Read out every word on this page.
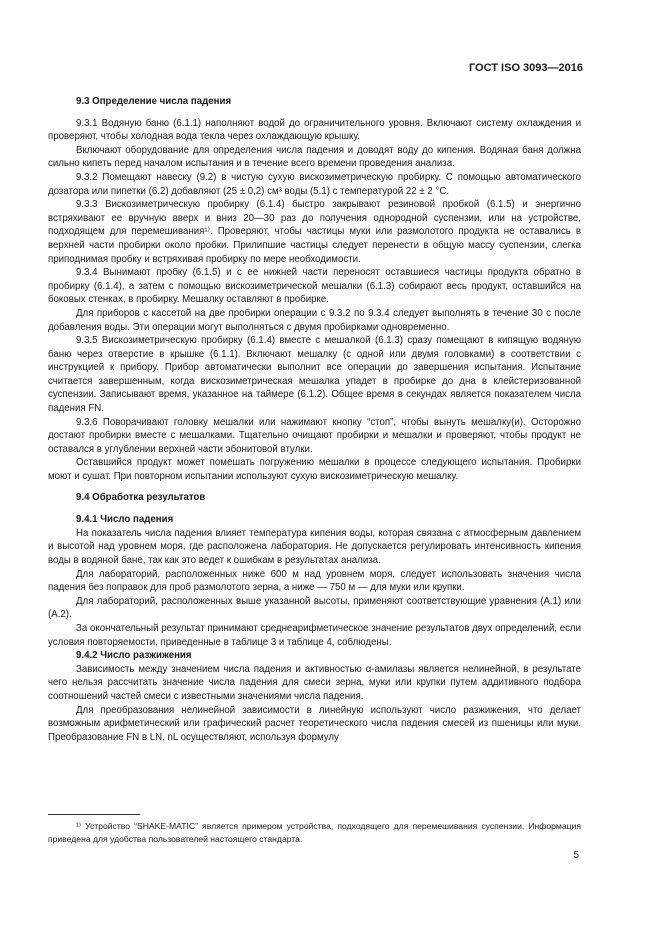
ГОСТ ISO 3093—2016

9.3 Определение числа падения

9.3.1 Водяную баню (6.1.1) наполняют водой до ограничительного уровня. Включают систему охлаждения и проверяют, чтобы холодная вода текла через охлаждающую крышку.

Включают оборудование для определения числа падения и доводят воду до кипения. Водяная баня должна сильно кипеть перед началом испытания и в течение всего времени проведения анализа.

9.3.2 Помещают навеску (9.2) в чистую сухую вискозиметрическую пробирку. С помощью автоматического дозатора или пипетки (6.2) добавляют (25 ± 0,2) см³ воды (5.1) с температурой 22 ± 2 °С.

9.3.3 Вискозиметрическую пробирку (6.1.4) быстро закрывают резиновой пробкой (6.1.5) и энергично встряхивают ее вручную вверх и вниз 20—30 раз до получения однородной суспензии, или на устройстве, подходящем для перемешивания¹⁾. Проверяют, чтобы частицы муки или размолотого продукта не оставались в верхней части пробирки около пробки. Прилипшие частицы следует перенести в общую массу суспензии, слегка приподнимая пробку и встряхивая пробирку по мере необходимости.

9.3.4 Вынимают пробку (6.1.5) и с ее нижней части переносят оставшиеся частицы продукта обратно в пробирку (6.1.4), а затем с помощью вискозиметрической мешалки (6.1.3) собирают весь продукт, оставшийся на боковых стенках, в пробирку. Мешалку оставляют в пробирке.

Для приборов с кассетой на две пробирки операции с 9.3.2 по 9.3.4 следует выполнять в течение 30 с после добавления воды. Эти операции могут выполняться с двумя пробирками одновременно.

9.3.5 Вискозиметрическую пробирку (6.1.4) вместе с мешалкой (6.1.3) сразу помещают в кипящую водяную баню через отверстие в крышке (6.1.1). Включают мешалку (с одной или двумя головками) в соответствии с инструкцией к прибору. Прибор автоматически выполнит все операции до завершения испытания. Испытание считается завершенным, когда вискозиметрическая мешалка упадет в пробирке до дна в клейстеризованной суспензии. Записывают время, указанное на таймере (6.1.2). Общее время в секундах является показателем числа падения FN.

9.3.6 Поворачивают головку мешалки или нажимают кнопку “стоп”, чтобы вынуть мешалку(и). Осторожно достают пробирки вместе с мешалками. Тщательно очищают пробирки и мешалки и проверяют, чтобы продукт не оставался в углублении верхней части эбонитовой втулки.

Оставшийся продукт может помешать погружению мешалки в процессе следующего испытания. Пробирки моют и сушат. При повторном испытании используют сухую вискозиметрическую мешалку.

9.4 Обработка результатов

9.4.1 Число падения

На показатель числа падения влияет температура кипения воды, которая связана с атмосферным давлением и высотой над уровнем моря, где расположена лаборатория. Не допускается регулировать интенсивность кипения воды в водяной бане, так как это ведет к ошибкам в результатах анализа.

Для лабораторий, расположенных ниже 600 м над уровнем моря, следует использовать значения числа падения без поправок для проб размолотого зерна, а ниже — 750 м — для муки или крупки.

Для лабораторий, расположенных выше указанной высоты, применяют соответствующие уравнения (А.1) или (А.2).

За окончательный результат принимают среднеарифметическое значение результатов двух определений, если условия повторяемости, приведенные в таблице 3 и таблице 4, соблюдены.

9.4.2 Число разжижения

Зависимость между значением числа падения и активностью α-амилазы является нелинейной, в результате чего нельзя рассчитать значение числа падения для смеси зерна, муки или крупки путем аддитивного подбора соотношений частей смеси с известными значениями числа падения.

Для преобразования нелинейной зависимости в линейную используют число разжижения, что делает возможным арифметический или графический расчет теоретического числа падения смесей из пшеницы или муки. Преобразование FN в LN, nL осуществляют, используя формулу

¹⁾ Устройство “SHAKE-MATIC” является примером устройства, подходящего для перемешивания суспензии. Информация приведена для удобства пользователей настоящего стандарта.
5
